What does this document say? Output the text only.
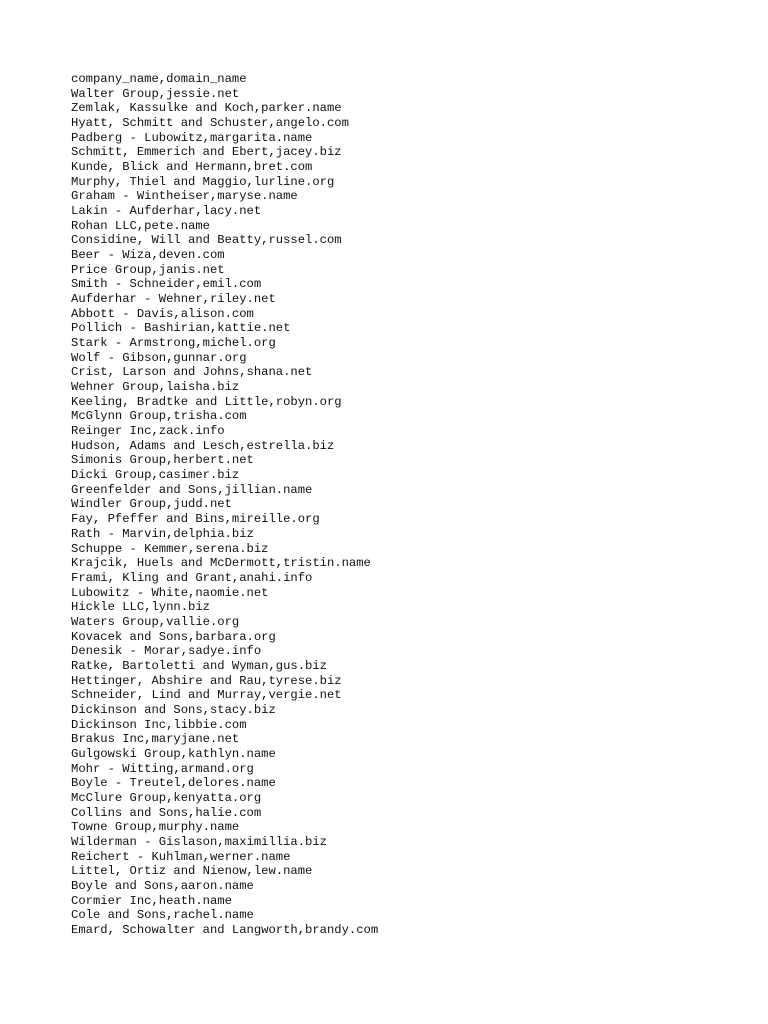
company_name,domain_name
Walter Group,jessie.net
Zemlak, Kassulke and Koch,parker.name
Hyatt, Schmitt and Schuster,angelo.com
Padberg - Lubowitz,margarita.name
Schmitt, Emmerich and Ebert,jacey.biz
Kunde, Blick and Hermann,bret.com
Murphy, Thiel and Maggio,lurline.org
Graham - Wintheiser,maryse.name
Lakin - Aufderhar,lacy.net
Rohan LLC,pete.name
Considine, Will and Beatty,russel.com
Beer - Wiza,deven.com
Price Group,janis.net
Smith - Schneider,emil.com
Aufderhar - Wehner,riley.net
Abbott - Davis,alison.com
Pollich - Bashirian,kattie.net
Stark - Armstrong,michel.org
Wolf - Gibson,gunnar.org
Crist, Larson and Johns,shana.net
Wehner Group,laisha.biz
Keeling, Bradtke and Little,robyn.org
McGlynn Group,trisha.com
Reinger Inc,zack.info
Hudson, Adams and Lesch,estrella.biz
Simonis Group,herbert.net
Dicki Group,casimer.biz
Greenfelder and Sons,jillian.name
Windler Group,judd.net
Fay, Pfeffer and Bins,mireille.org
Rath - Marvin,delphia.biz
Schuppe - Kemmer,serena.biz
Krajcik, Huels and McDermott,tristin.name
Frami, Kling and Grant,anahi.info
Lubowitz - White,naomie.net
Hickle LLC,lynn.biz
Waters Group,vallie.org
Kovacek and Sons,barbara.org
Denesik - Morar,sadye.info
Ratke, Bartoletti and Wyman,gus.biz
Hettinger, Abshire and Rau,tyrese.biz
Schneider, Lind and Murray,vergie.net
Dickinson and Sons,stacy.biz
Dickinson Inc,libbie.com
Brakus Inc,maryjane.net
Gulgowski Group,kathlyn.name
Mohr - Witting,armand.org
Boyle - Treutel,delores.name
McClure Group,kenyatta.org
Collins and Sons,halie.com
Towne Group,murphy.name
Wilderman - Gislason,maximillia.biz
Reichert - Kuhlman,werner.name
Littel, Ortiz and Nienow,lew.name
Boyle and Sons,aaron.name
Cormier Inc,heath.name
Cole and Sons,rachel.name
Emard, Schowalter and Langworth,brandy.com
